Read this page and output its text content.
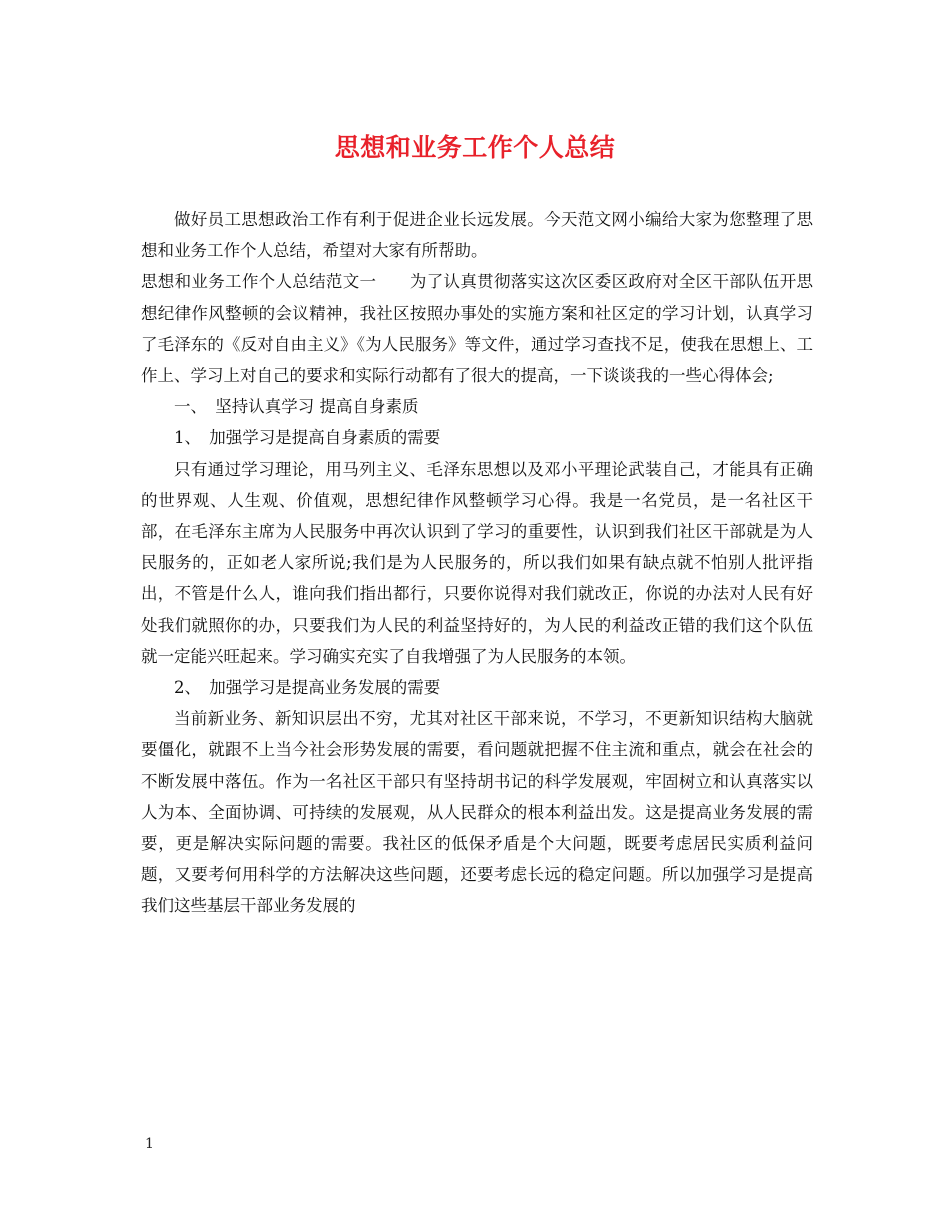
思想和业务工作个人总结

做好员工思想政治工作有利于促进企业长远发展。今天范文网小编给大家为您整理了思想和业务工作个人总结，希望对大家有所帮助。

思想和业务工作个人总结范文一　　为了认真贯彻落实这次区委区政府对全区干部队伍开思想纪律作风整顿的会议精神，我社区按照办事处的实施方案和社区定的学习计划，认真学习了毛泽东的《反对自由主义》《为人民服务》等文件，通过学习查找不足，使我在思想上、工作上、学习上对自己的要求和实际行动都有了很大的提高，一下谈谈我的一些心得体会;

一、　坚持认真学习 提高自身素质

1、　加强学习是提高自身素质的需要

只有通过学习理论，用马列主义、毛泽东思想以及邓小平理论武装自己，才能具有正确的世界观、人生观、价值观，思想纪律作风整顿学习心得。我是一名党员，是一名社区干部，在毛泽东主席为人民服务中再次认识到了学习的重要性，认识到我们社区干部就是为人民服务的，正如老人家所说;我们是为人民服务的，所以我们如果有缺点就不怕别人批评指出，不管是什么人，谁向我们指出都行，只要你说得对我们就改正，你说的办法对人民有好处我们就照你的办，只要我们为人民的利益坚持好的，为人民的利益改正错的我们这个队伍就一定能兴旺起来。学习确实充实了自我增强了为人民服务的本领。

2、　加强学习是提高业务发展的需要

当前新业务、新知识层出不穷，尤其对社区干部来说，不学习，不更新知识结构大脑就要僵化，就跟不上当今社会形势发展的需要，看问题就把握不住主流和重点，就会在社会的不断发展中落伍。作为一名社区干部只有坚持胡书记的科学发展观，牢固树立和认真落实以人为本、全面协调、可持续的发展观，从人民群众的根本利益出发。这是提高业务发展的需要，更是解决实际问题的需要。我社区的低保矛盾是个大问题，既要考虑居民实质利益问题，又要考何用科学的方法解决这些问题，还要考虑长远的稳定问题。所以加强学习是提高我们这些基层干部业务发展的

1
